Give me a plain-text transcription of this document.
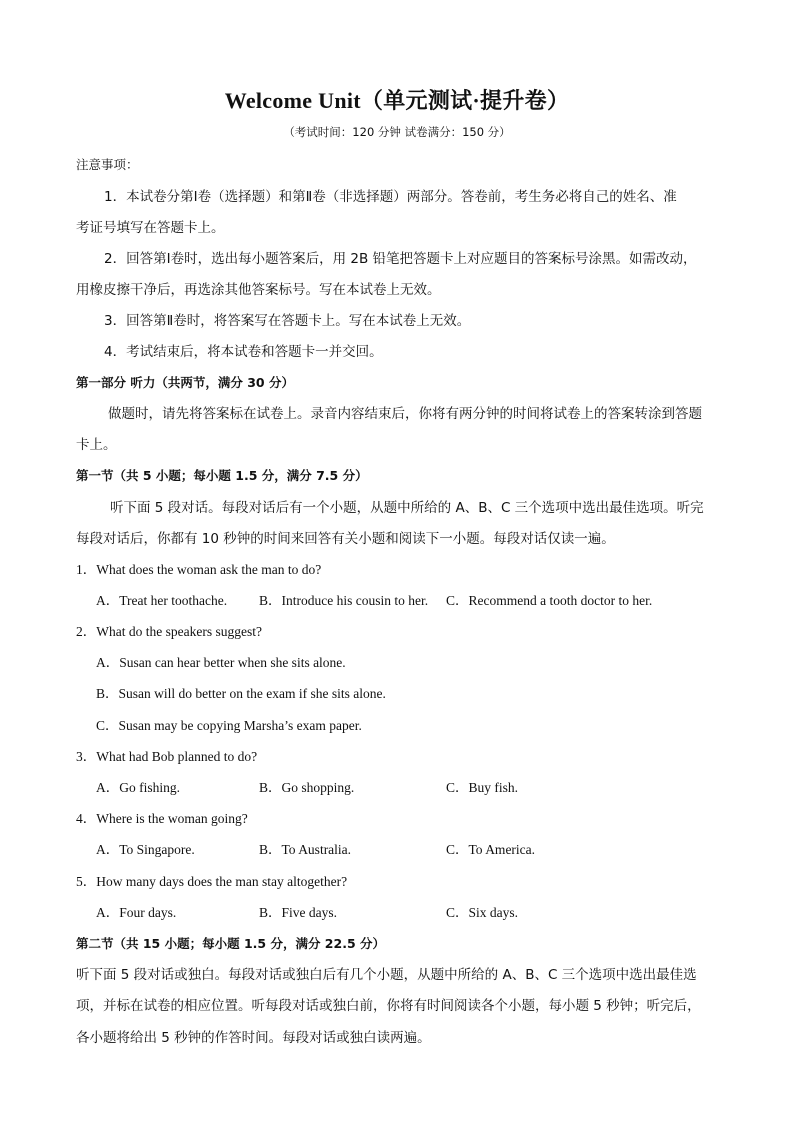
Welcome Unit（单元测试·提升卷）
（考试时间：120 分钟 试卷满分：150 分）
注意事项：
1．本试卷分第Ⅰ卷（选择题）和第Ⅱ卷（非选择题）两部分。答卷前，考生务必将自己的姓名、准
考证号填写在答题卡上。
2．回答第Ⅰ卷时，选出每小题答案后，用 2B 铅笔把答题卡上对应题目的答案标号涂黑。如需改动，
用橡皮擦干净后，再选涂其他答案标号。写在本试卷上无效。
3．回答第Ⅱ卷时，将答案写在答题卡上。写在本试卷上无效。
4．考试结束后，将本试卷和答题卡一并交回。
第一部分 听力（共两节，满分 30 分）
做题时，请先将答案标在试卷上。录音内容结束后，你将有两分钟的时间将试卷上的答案转涂到答题
卡上。
第一节（共 5 小题；每小题 1.5 分，满分 7.5 分）
听下面 5 段对话。每段对话后有一个小题，从题中所给的 A、B、C 三个选项中选出最佳选项。听完
每段对话后，你都有 10 秒钟的时间来回答有关小题和阅读下一小题。每段对话仅读一遍。
1．What does the woman ask the man to do?
A．Treat her toothache. B．Introduce his cousin to her. C．Recommend a tooth doctor to her.
2．What do the speakers suggest?
A．Susan can hear better when she sits alone.
B．Susan will do better on the exam if she sits alone.
C．Susan may be copying Marsha’s exam paper.
3．What had Bob planned to do?
A．Go fishing.	B．Go shopping.	C．Buy fish.
4．Where is the woman going?
A．To Singapore.	B．To Australia.	C．To America.
5．How many days does the man stay altogether?
A．Four days.	B．Five days.	C．Six days.
第二节（共 15 小题；每小题 1.5 分，满分 22.5 分）
听下面 5 段对话或独白。每段对话或独白后有几个小题，从题中所给的 A、B、C 三个选项中选出最佳选
项，并标在试卷的相应位置。听每段对话或独白前，你将有时间阅读各个小题，每小题 5 秒钟；听完后，
各小题将给出 5 秒钟的作答时间。每段对话或独白读两遍。
